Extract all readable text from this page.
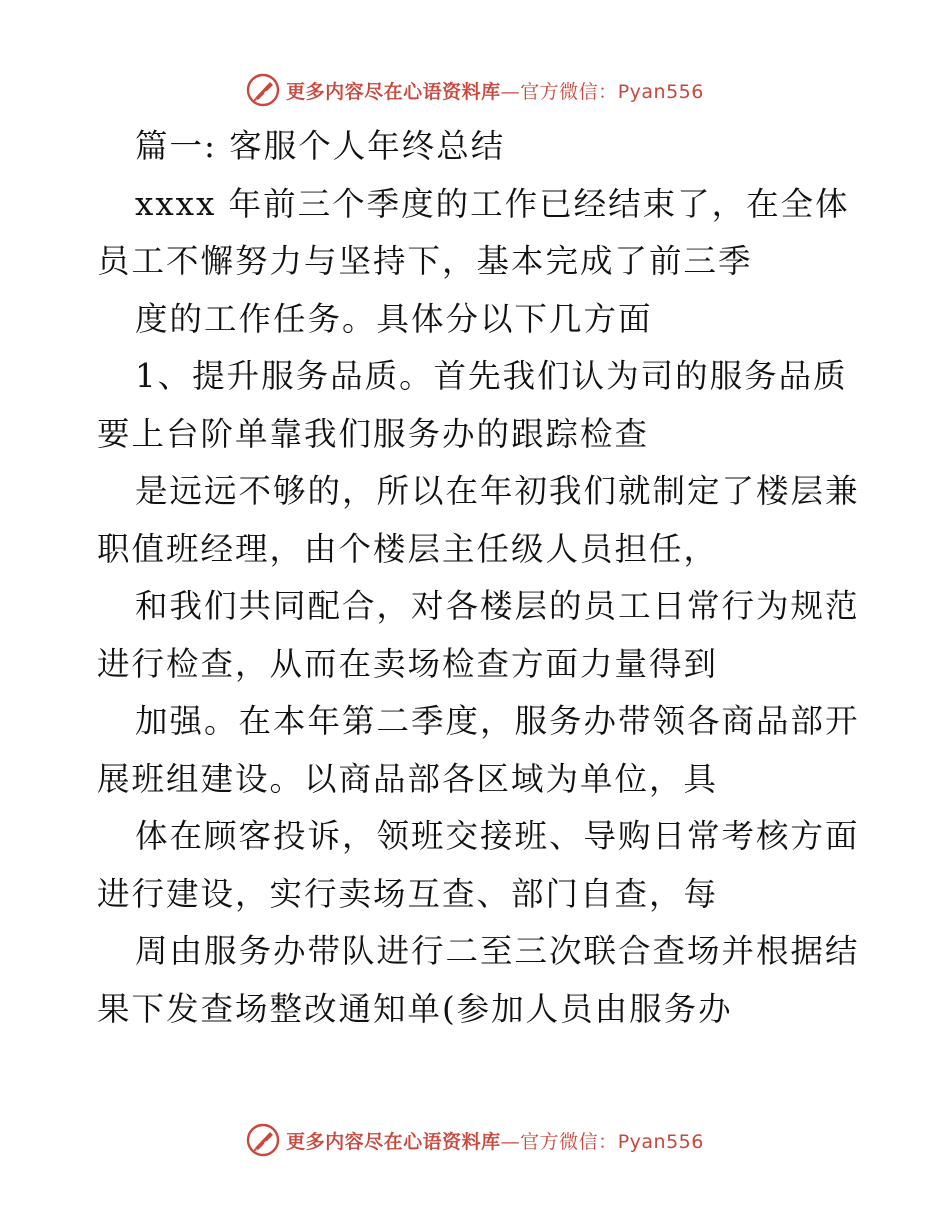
更多内容尽在心语资料库—官方微信：Pyan556
篇一: 客服个人年终总结
xxxx 年前三个季度的工作已经结束了，在全体
员工不懈努力与坚持下，基本完成了前三季
度的工作任务。具体分以下几方面
1、提升服务品质。首先我们认为司的服务品质
要上台阶单靠我们服务办的跟踪检查
是远远不够的，所以在年初我们就制定了楼层兼
职值班经理，由个楼层主任级人员担任，
和我们共同配合，对各楼层的员工日常行为规范
进行检查，从而在卖场检查方面力量得到
加强。在本年第二季度，服务办带领各商品部开
展班组建设。以商品部各区域为单位，具
体在顾客投诉，领班交接班、导购日常考核方面
进行建设，实行卖场互查、部门自查，每
周由服务办带队进行二至三次联合查场并根据结
果下发查场整改通知单(参加人员由服务办
更多内容尽在心语资料库—官方微信：Pyan556
